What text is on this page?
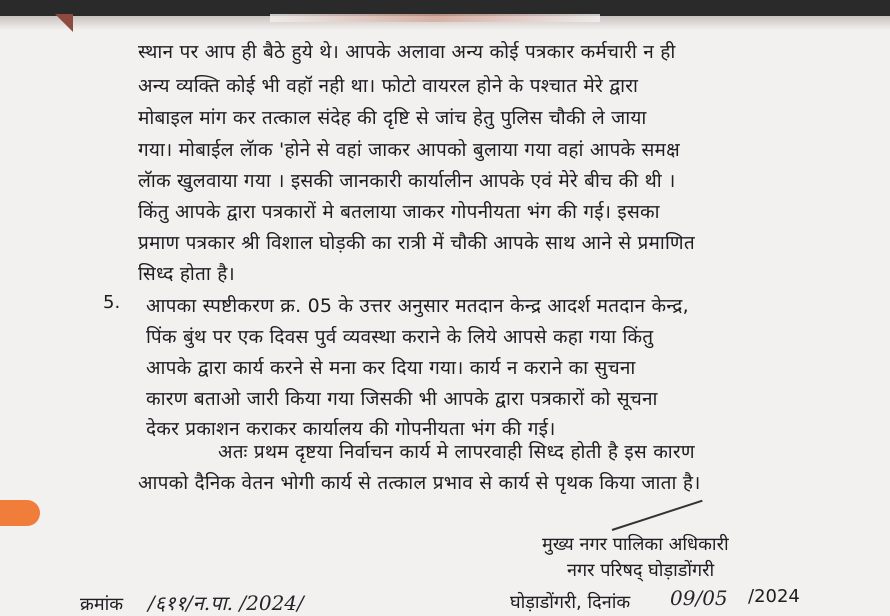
स्थान पर आप ही बैठे हुये थे। आपके अलावा अन्य कोई पत्रकार कर्मचारी न ही
अन्य व्यक्ति कोई भी वहॉ नही था। फोटो वायरल होने के पश्चात मेरे द्वारा
मोबाइल मांग कर तत्काल संदेह की दृष्टि से जांच हेतु पुलिस चौकी ले जाया
गया। मोबाईल लॅाक 'होने से वहां जाकर आपको बुलाया गया वहां आपके समक्ष
लॅाक खुलवाया गया । इसकी जानकारी कार्यालीन आपके एवं मेरे बीच की थी ।
किंतु आपके द्वारा पत्रकारों मे बतलाया जाकर गोपनीयता भंग की गई। इसका
प्रमाण पत्रकार श्री विशाल घोड़की का रात्री में चौकी आपके साथ आने से प्रमाणित
सिध्द होता है।
5. आपका स्पष्टीकरण क्र. 05 के उत्तर अनुसार मतदान केन्द्र आदर्श मतदान केन्द्र,
पिंक बुंथ पर एक दिवस पुर्व व्यवस्था कराने के लिये आपसे कहा गया किंतु
आपके द्वारा कार्य करने से मना कर दिया गया। कार्य न कराने का सुचना
कारण बताओ जारी किया गया जिसकी भी आपके द्वारा पत्रकारों को सूचना
देकर प्रकाशन कराकर कार्यालय की गोपनीयता भंग की गई।
अतः प्रथम दृष्टया निर्वाचन कार्य मे लापरवाही सिध्द होती है इस कारण
आपको दैनिक वेतन भोगी कार्य से तत्काल प्रभाव से कार्य से पृथक किया जाता है।
मुख्य नगर पालिका अधिकारी
नगर परिषद् घोड़ाडोंगरी
क्रमांक /६११/न.पा. /2024/	घोड़ाडोंगरी, दिनांक 09/05 /2024
